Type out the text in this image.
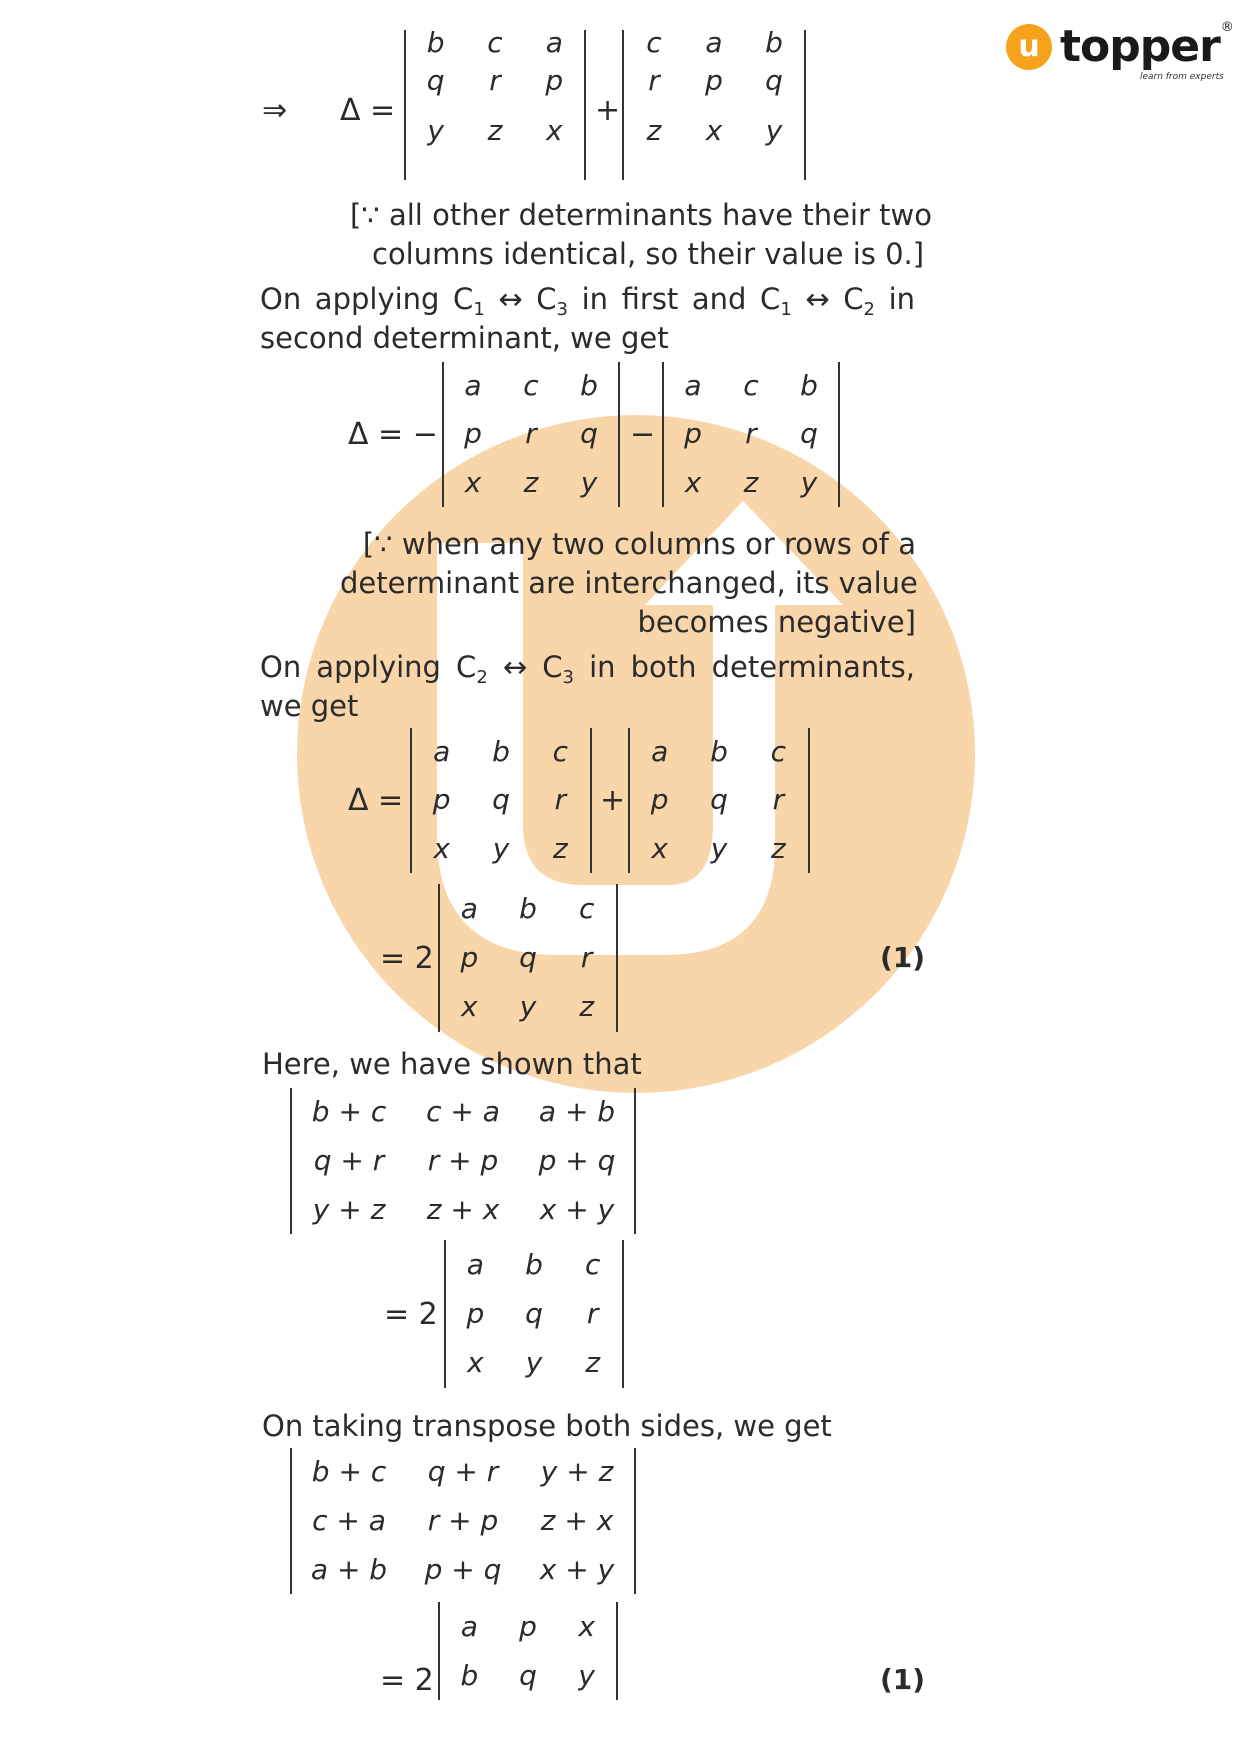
u topper ®
learn from experts
⇒ Δ =
b	c	a
q	r	p
y	z	x
+
c	a	b
r	p	q
z	x	y
[∵ all other determinants have their two
columns identical, so their value is 0.]
On applying $C_1$ ↔ $C_3$ in first and $C_1$ ↔ $C_2$ in
second determinant, we get
Δ = −
a	c	b
p	r	q
x	z	y
−
a	c	b
p	r	q
x	z	y
[∵ when any two columns or rows of a
determinant are interchanged, its value
becomes negative]
On applying $C_2$ ↔ $C_3$ in both determinants,
we get
Δ =
a	b	c
p	q	r
x	y	z
+
a	b	c
p	q	r
x	y	z
= 2
a	b	c
p	q	r
x	y	z
(1)
Here, we have shown that
b + c	c + a	a + b
q + r	r + p	p + q
y + z	z + x	x + y
= 2
a	b	c
p	q	r
x	y	z
On taking transpose both sides, we get
b + c	q + r	y + z
c + a	r + p	z + x
a + b	p + q	x + y
= 2
a	p	x
b	q	y	(1)
